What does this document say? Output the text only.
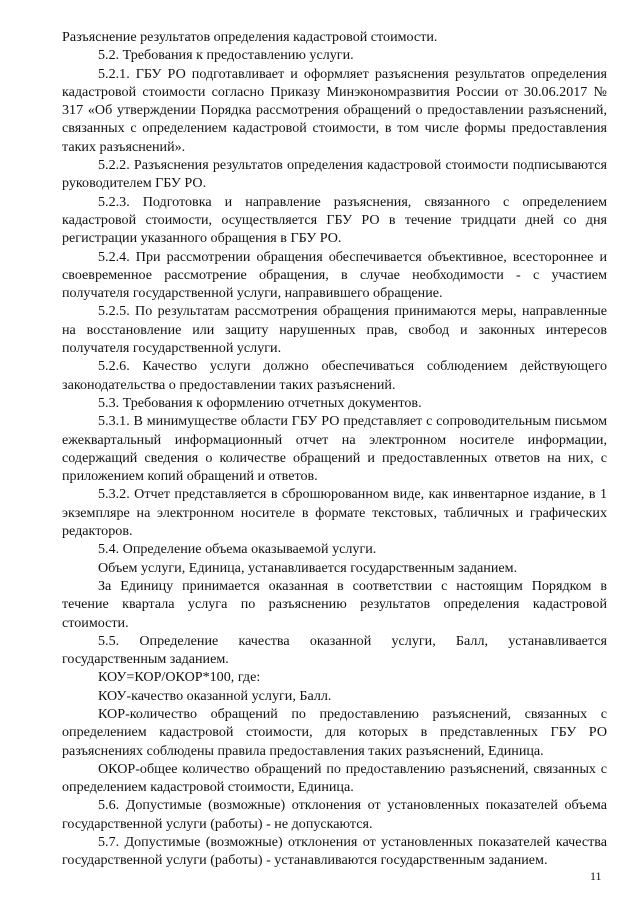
Разъяснение результатов определения кадастровой стоимости.

5.2. Требования к предоставлению услуги.

5.2.1. ГБУ РО подготавливает и оформляет разъяснения результатов определения кадастровой стоимости согласно Приказу Минэкономразвития России от 30.06.2017 № 317 «Об утверждении Порядка рассмотрения обращений о предоставлении разъяснений, связанных с определением кадастровой стоимости, в том числе формы предоставления таких разъяснений».

5.2.2. Разъяснения результатов определения кадастровой стоимости подписываются руководителем ГБУ РО.

5.2.3. Подготовка и направление разъяснения, связанного с определением кадастровой стоимости, осуществляется ГБУ РО в течение тридцати дней со дня регистрации указанного обращения в ГБУ РО.

5.2.4. При рассмотрении обращения обеспечивается объективное, всестороннее и своевременное рассмотрение обращения, в случае необходимости - с участием получателя государственной услуги, направившего обращение.

5.2.5. По результатам рассмотрения обращения принимаются меры, направленные на восстановление или защиту нарушенных прав, свобод и законных интересов получателя государственной услуги.

5.2.6. Качество услуги должно обеспечиваться соблюдением действующего законодательства о предоставлении таких разъяснений.

5.3. Требования к оформлению отчетных документов.

5.3.1. В минимуществе области ГБУ РО представляет с сопроводительным письмом ежеквартальный информационный отчет на электронном носителе информации, содержащий сведения о количестве обращений и предоставленных ответов на них, с приложением копий обращений и ответов.

5.3.2. Отчет представляется в сброшюрованном виде, как инвентарное издание, в 1 экземпляре на электронном носителе в формате текстовых, табличных и графических редакторов.

5.4. Определение объема оказываемой услуги.

Объем услуги, Единица, устанавливается государственным заданием.

За Единицу принимается оказанная в соответствии с настоящим Порядком в течение квартала услуга по разъяснению результатов определения кадастровой стоимости.

5.5. Определение качества оказанной услуги, Балл, устанавливается государственным заданием.

КОУ=КОР/ОКОР*100, где:

КОУ-качество оказанной услуги, Балл.

КОР-количество обращений по предоставлению разъяснений, связанных с определением кадастровой стоимости, для которых в представленных ГБУ РО разъяснениях соблюдены правила предоставления таких разъяснений, Единица.

ОКОР-общее количество обращений по предоставлению разъяснений, связанных с определением кадастровой стоимости, Единица.

5.6. Допустимые (возможные) отклонения от установленных показателей объема государственной услуги (работы) - не допускаются.

5.7. Допустимые (возможные) отклонения от установленных показателей качества государственной услуги (работы) - устанавливаются государственным заданием.

11
